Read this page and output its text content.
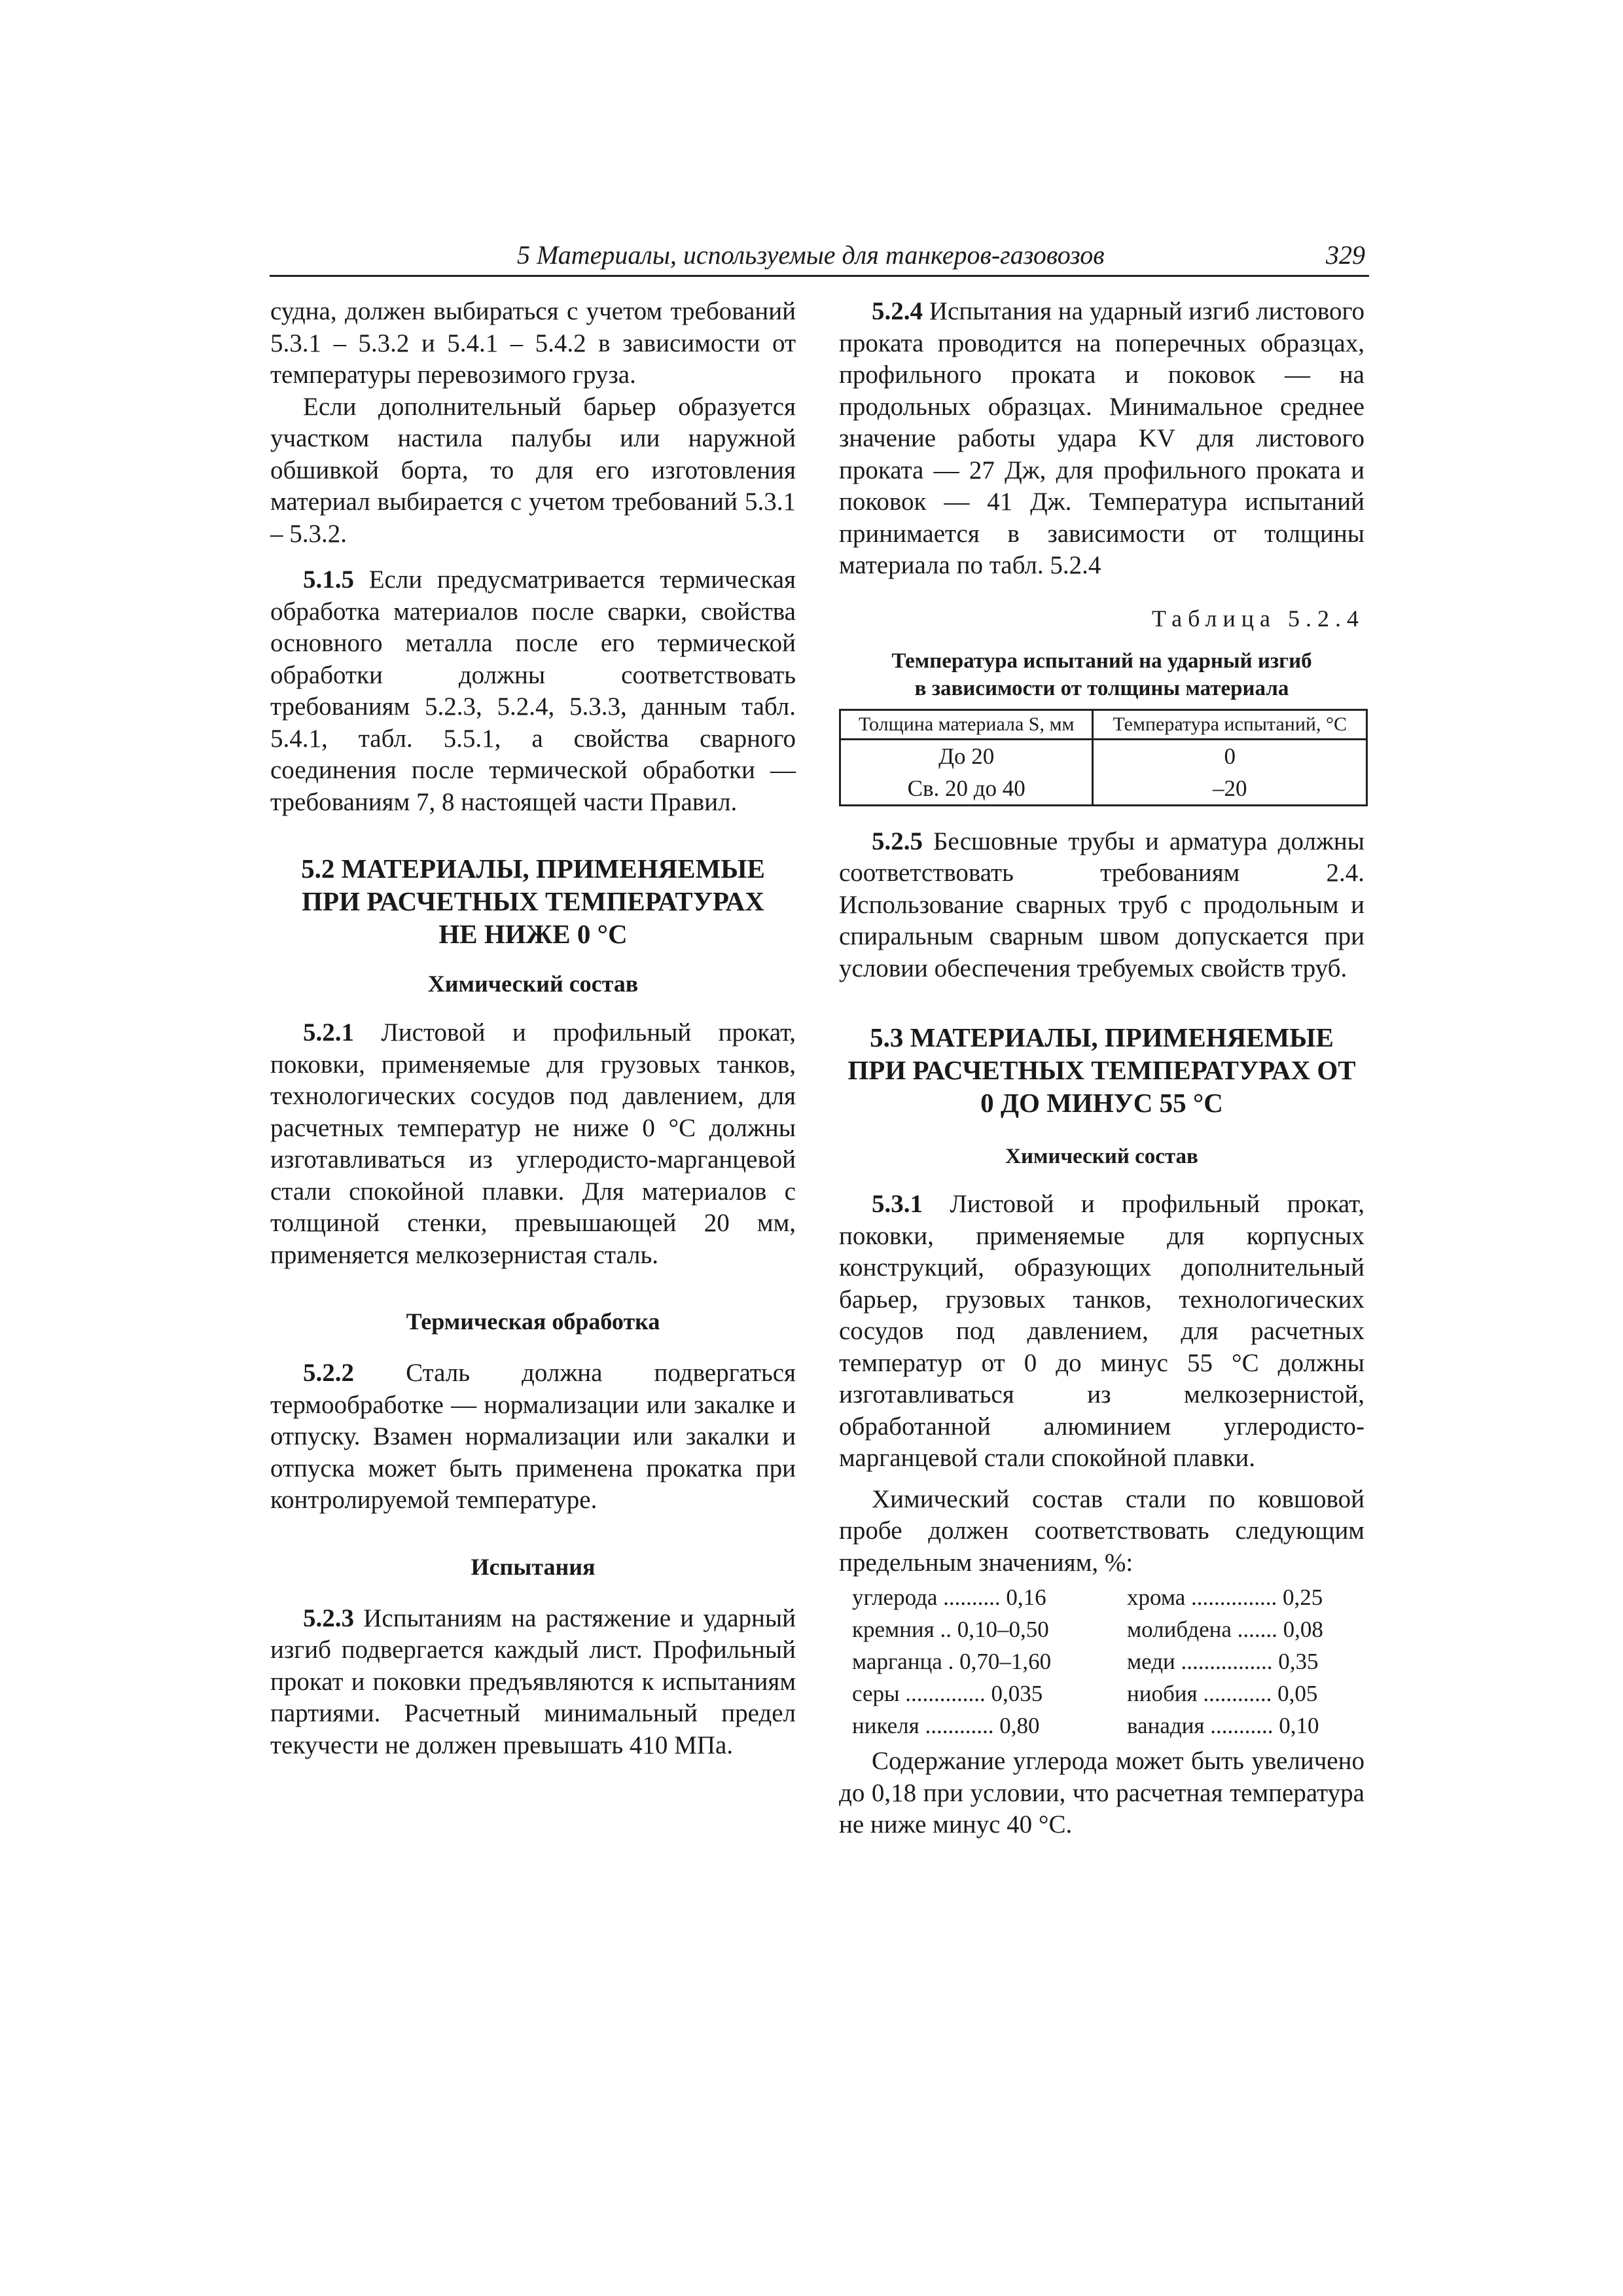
5 Материалы, используемые для танкеров-газовозов	329

судна, должен выбираться с учетом требований 5.3.1 – 5.3.2 и 5.4.1 – 5.4.2 в зависимости от температуры перевозимого груза.

Если дополнительный барьер образуется участком настила палубы или наружной обшивкой борта, то для его изготовления материал выбирается с учетом требований 5.3.1 – 5.3.2.

5.1.5 Если предусматривается термическая обработка материалов после сварки, свойства основного металла после его термической обработки должны соответствовать требованиям 5.2.3, 5.2.4, 5.3.3, данным табл. 5.4.1, табл. 5.5.1, а свойства сварного соединения после термической обработки — требованиям 7, 8 настоящей части Правил.

5.2 МАТЕРИАЛЫ, ПРИМЕНЯЕМЫЕ
ПРИ РАСЧЕТНЫХ ТЕМПЕРАТУРАХ
НЕ НИЖЕ 0 °С
Химический состав

5.2.1 Листовой и профильный прокат, поковки, применяемые для грузовых танков, технологических сосудов под давлением, для расчетных температур не ниже 0 °С должны изготавливаться из углеродисто-марганцевой стали спокойной плавки. Для материалов с толщиной стенки, превышающей 20 мм, применяется мелкозернистая сталь.

Термическая обработка

5.2.2 Сталь должна подвергаться термообработке — нормализации или закалке и отпуску. Взамен нормализации или закалки и отпуска может быть применена прокатка при контролируемой температуре.

Испытания

5.2.3 Испытаниям на растяжение и ударный изгиб подвергается каждый лист. Профильный прокат и поковки предъявляются к испытаниям партиями. Расчетный минимальный предел текучести не должен превышать 410 МПа.

5.2.4 Испытания на ударный изгиб листового проката проводится на поперечных образцах, профильного проката и поковок — на продольных образцах. Минимальное среднее значение работы удара KV для листового проката — 27 Дж, для профильного проката и поковок — 41 Дж. Температура испытаний принимается в зависимости от толщины материала по табл. 5.2.4

Таблица 5.2.4
Температура испытаний на ударный изгиб
в зависимости от толщины материала
Толщина материала S, мм	Температура испытаний, °С
До 20	0
Св. 20 до 40	–20

5.2.5 Бесшовные трубы и арматура должны соответствовать требованиям 2.4. Использование сварных труб с продольным и спиральным сварным швом допускается при условии обеспечения требуемых свойств труб.

5.3 МАТЕРИАЛЫ, ПРИМЕНЯЕМЫЕ
ПРИ РАСЧЕТНЫХ ТЕМПЕРАТУРАХ ОТ
0 ДО МИНУС 55 °С
Химический состав

5.3.1 Листовой и профильный прокат, поковки, применяемые для корпусных конструкций, образующих дополнительный барьер, грузовых танков, технологических сосудов под давлением, для расчетных температур от 0 до минус 55 °С должны изготавливаться из мелкозернистой, обработанной алюминием углеродисто-марганцевой стали спокойной плавки.

Химический состав стали по ковшовой пробе должен соответствовать следующим предельным значениям, %:

углерода .......... 0,16	хрома ............... 0,25
кремния .. 0,10–0,50	молибдена ....... 0,08
марганца . 0,70–1,60	меди ................ 0,35
серы .............. 0,035	ниобия ............ 0,05
никеля ............ 0,80	ванадия ........... 0,10

Содержание углерода может быть увеличено до 0,18 при условии, что расчетная температура не ниже минус 40 °С.
